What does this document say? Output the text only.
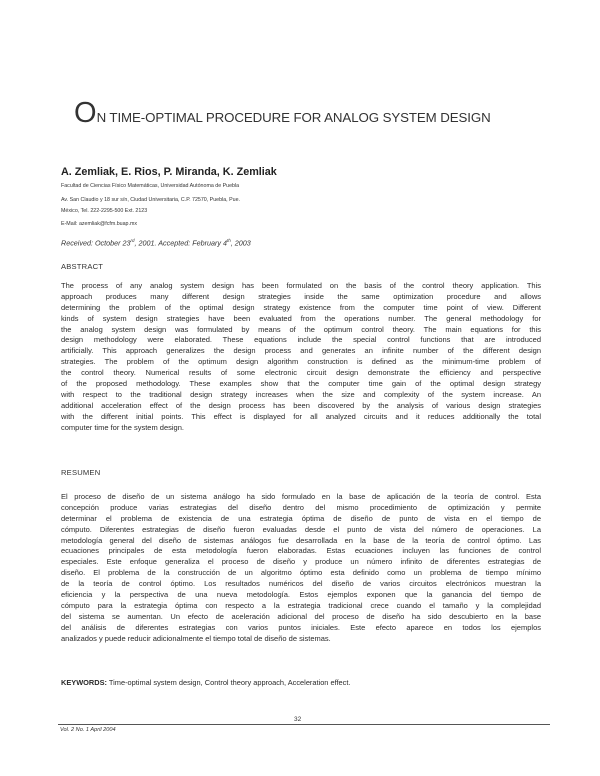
ON TIME-OPTIMAL PROCEDURE FOR ANALOG SYSTEM DESIGN
A. Zemliak, E. Rios, P. Miranda, K. Zemliak
Facultad de Ciencias Físico Matemáticas, Universidad Autónoma de Puebla
Av. San Claudio y 18 sur s/n, Ciudad Universitaria, C.P. 72570, Puebla, Pue.
México, Tel. 222-2295-500 Ext. 2123
E-Mail: azemliak@fcfm.buap.mx
Received: October 23rd, 2001. Accepted: February 4th, 2003
ABSTRACT
The process of any analog system design has been formulated on the basis of the control theory application. This
approach produces many different design strategies inside the same optimization procedure and allows
determining the problem of the optimal design strategy existence from the computer time point of view. Different
kinds of system design strategies have been evaluated from the operations number. The general methodology for
the analog system design was formulated by means of the optimum control theory. The main equations for this
design methodology were elaborated. These equations include the special control functions that are introduced
artificially. This approach generalizes the design process and generates an infinite number of the different design
strategies. The problem of the optimum design algorithm construction is defined as the minimum-time problem of
the control theory. Numerical results of some electronic circuit design demonstrate the efficiency and perspective
of the proposed methodology. These examples show that the computer time gain of the optimal design strategy
with respect to the traditional design strategy increases when the size and complexity of the system increase. An
additional acceleration effect of the design process has been discovered by the analysis of various design strategies
with the different initial points. This effect is displayed for all analyzed circuits and it reduces additionally the total
computer time for the system design.
RESUMEN
El proceso de diseño de un sistema análogo ha sido formulado en la base de aplicación de la teoría de control. Esta
concepción produce varias estrategias del diseño dentro del mismo procedimiento de optimización y permite
determinar el problema de existencia de una estrategia óptima de diseño de punto de vista en el tiempo de
cómputo. Diferentes estrategias de diseño fueron evaluadas desde el punto de vista del número de operaciones. La
metodología general del diseño de sistemas análogos fue desarrollada en la base de la teoría de control óptimo. Las
ecuaciones principales de esta metodología fueron elaboradas. Estas ecuaciones incluyen las funciones de control
especiales. Este enfoque generaliza el proceso de diseño y produce un número infinito de diferentes estrategias de
diseño. El problema de la construcción de un algoritmo óptimo esta definido como un problema de tiempo mínimo
de la teoría de control óptimo. Los resultados numéricos del diseño de varios circuitos electrónicos muestran la
eficiencia y la perspectiva de una nueva metodología. Estos ejemplos exponen que la ganancia del tiempo de
cómputo para la estrategia óptima con respecto a la estrategia tradicional crece cuando el tamaño y la complejidad
del sistema se aumentan. Un efecto de aceleración adicional del proceso de diseño ha sido descubierto en la base
del análisis de diferentes estrategias con varios puntos iniciales. Este efecto aparece en todos los ejemplos
analizados y puede reducir adicionalmente el tiempo total de diseño de sistemas.
KEYWORDS: Time-optimal system design, Control theory approach, Acceleration effect.
32
Vol. 2 No. 1 April 2004
